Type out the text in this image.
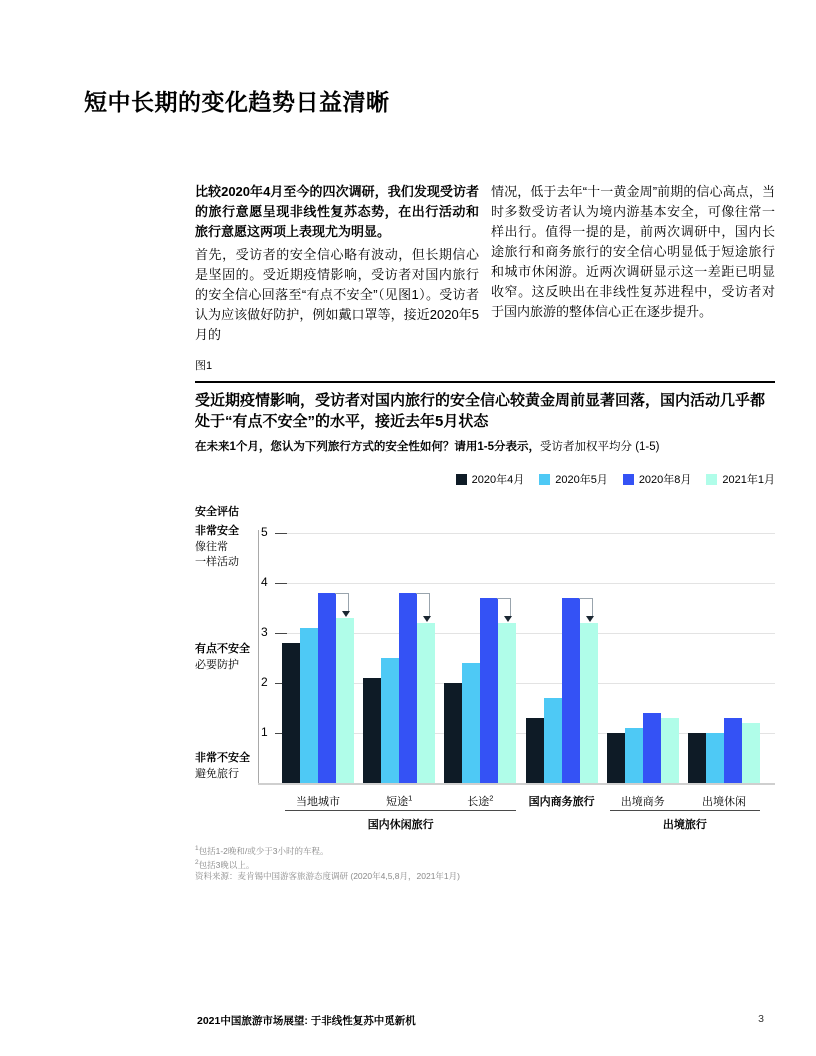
短中长期的变化趋势日益清晰

比较2020年4月至今的四次调研，我们发现受访者的旅行意愿呈现非线性复苏态势，在出行活动和旅行意愿这两项上表现尤为明显。

首先，受访者的安全信心略有波动，但长期信心是坚固的。受近期疫情影响，受访者对国内旅行的安全信心回落至“有点不安全”（见图1）。受访者认为应该做好防护，例如戴口罩等，接近2020年5月的

情况，低于去年“十一黄金周”前期的信心高点，当时多数受访者认为境内游基本安全，可像往常一样出行。值得一提的是，前两次调研中，国内长途旅行和商务旅行的安全信心明显低于短途旅行和城市休闲游。近两次调研显示这一差距已明显收窄。这反映出在非线性复苏进程中，受访者对于国内旅游的整体信心正在逐步提升。

图1
受近期疫情影响，受访者对国内旅行的安全信心较黄金周前显著回落，国内活动几乎都处于“有点不安全”的水平，接近去年5月状态

在未来1个月，您认为下列旅行方式的安全性如何？请用1-5分表示，受访者加权平均分 (1-5)

2020年4月	2020年5月	2020年8月	2021年1月
安全评估
非常安全
像往常
一样活动
有点不安全
必要防护
非常不安全
避免旅行
当地城市	短途$^1$	长途$^2$	国内商务旅行	出境商务	出境休闲
国内休闲旅行	出境旅行
5
4
3
2
1
$^1$包括1-2晚和/或少于3小时的车程。
$^2$包括3晚以上。
资料来源：麦肯锡中国游客旅游态度调研 (2020年4,5,8月，2021年1月)
2021中国旅游市场展望: 于非线性复苏中觅新机	3
